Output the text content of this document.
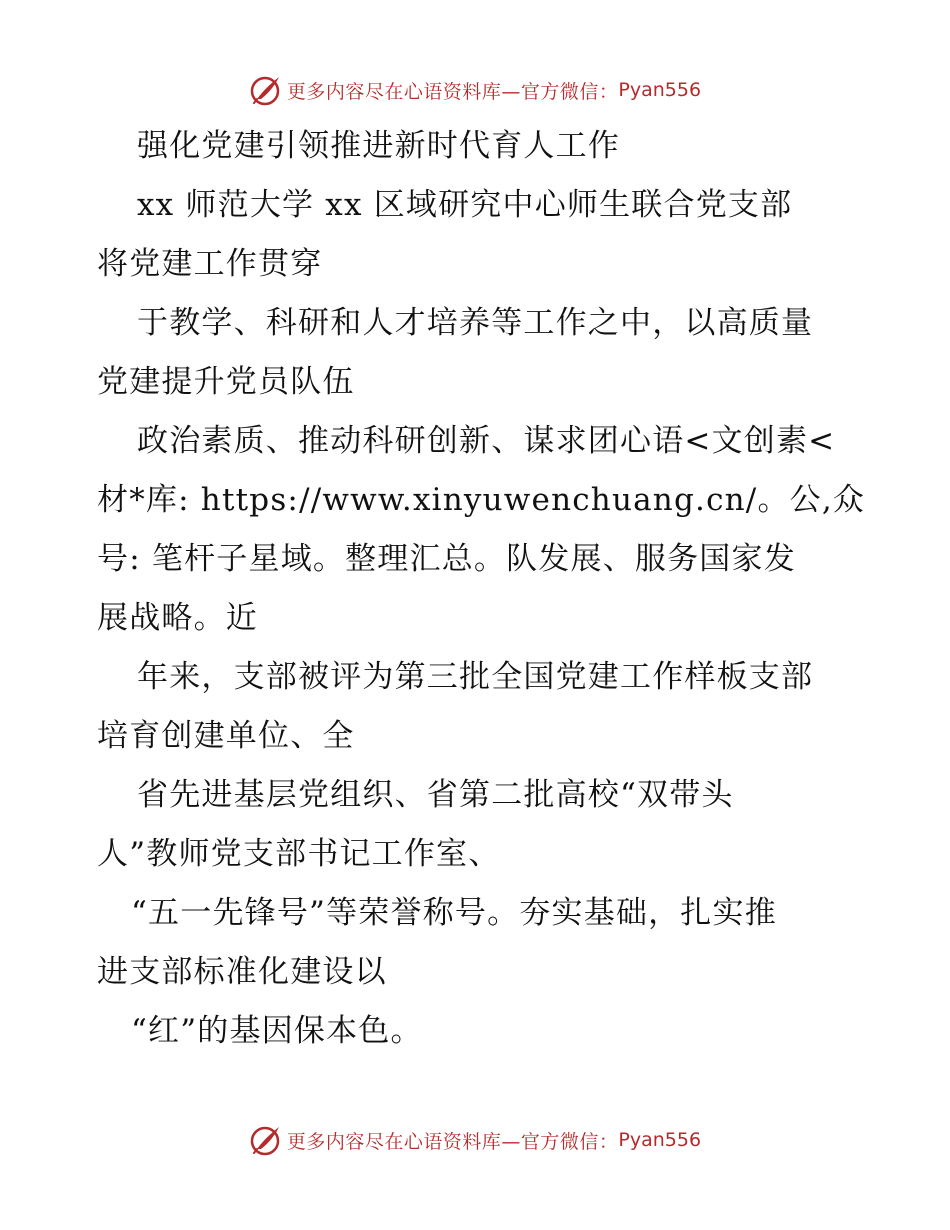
更多内容尽在心语资料库—官方微信： Pyan556
强化党建引领推进新时代育人工作
xx 师范大学 xx 区域研究中心师生联合党支部
将党建工作贯穿
于教学、科研和人才培养等工作之中，以高质量
党建提升党员队伍
政治素质、推动科研创新、谋求团心语<文创素<
材*库: https://www.xinyuwenchuang.cn/。公,众
号: 笔杆子星域。整理汇总。队发展、服务国家发
展战略。近
年来，支部被评为第三批全国党建工作样板支部
培育创建单位、全
省先进基层党组织、省第二批高校“双带头
人”教师党支部书记工作室、
“五一先锋号”等荣誉称号。夯实基础，扎实推
进支部标准化建设以
“红”的基因保本色。
更多内容尽在心语资料库—官方微信： Pyan556
